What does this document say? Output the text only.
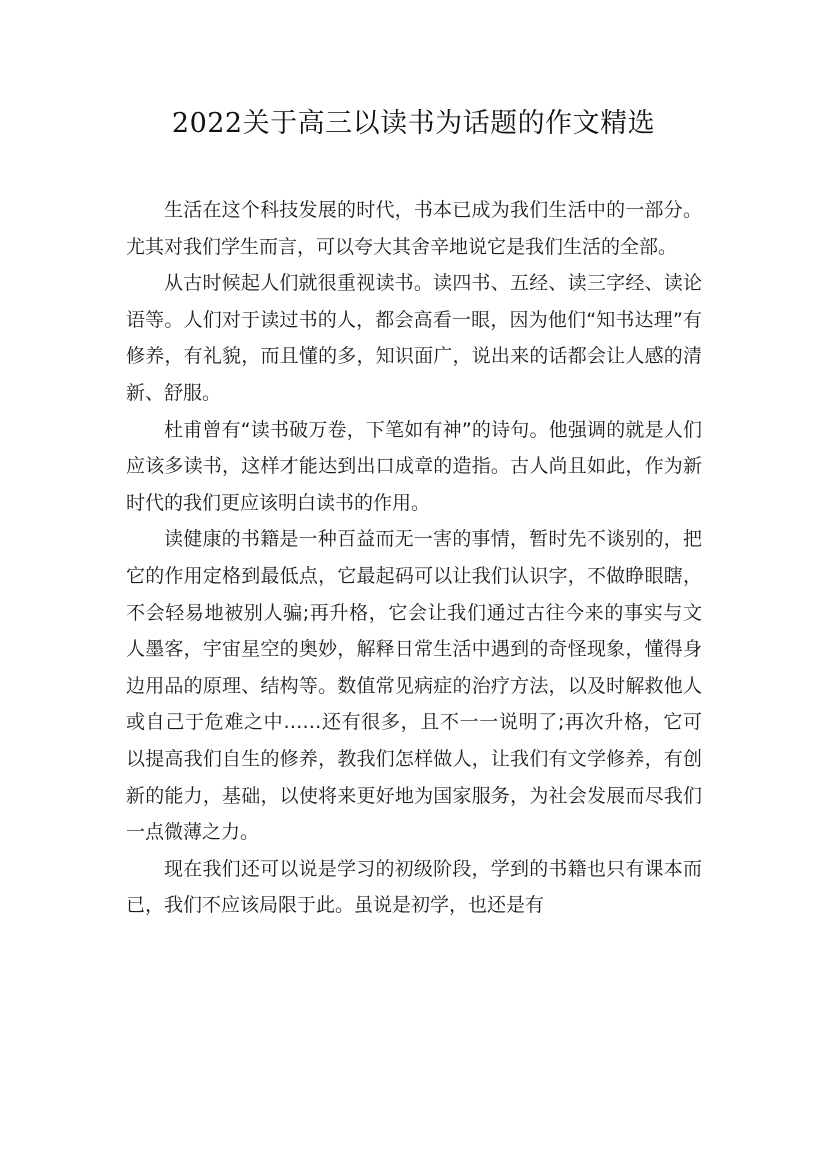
2022关于高三以读书为话题的作文精选

生活在这个科技发展的时代，书本已成为我们生活中的一部分。尤其对我们学生而言，可以夸大其舍辛地说它是我们生活的全部。

从古时候起人们就很重视读书。读四书、五经、读三字经、读论语等。人们对于读过书的人，都会高看一眼，因为他们“知书达理”有修养，有礼貌，而且懂的多，知识面广，说出来的话都会让人感的清新、舒服。

杜甫曾有“读书破万卷，下笔如有神”的诗句。他强调的就是人们应该多读书，这样才能达到出口成章的造指。古人尚且如此，作为新时代的我们更应该明白读书的作用。

读健康的书籍是一种百益而无一害的事情，暂时先不谈别的，把它的作用定格到最低点，它最起码可以让我们认识字，不做睁眼瞎，不会轻易地被别人骗;再升格，它会让我们通过古往今来的事实与文人墨客，宇宙星空的奥妙，解释日常生活中遇到的奇怪现象，懂得身边用品的原理、结构等。数值常见病症的治疗方法，以及时解救他人或自己于危难之中……还有很多，且不一一说明了;再次升格，它可以提高我们自生的修养，教我们怎样做人，让我们有文学修养，有创新的能力，基础，以使将来更好地为国家服务，为社会发展而尽我们一点微薄之力。

现在我们还可以说是学习的初级阶段，学到的书籍也只有课本而已，我们不应该局限于此。虽说是初学，也还是有
